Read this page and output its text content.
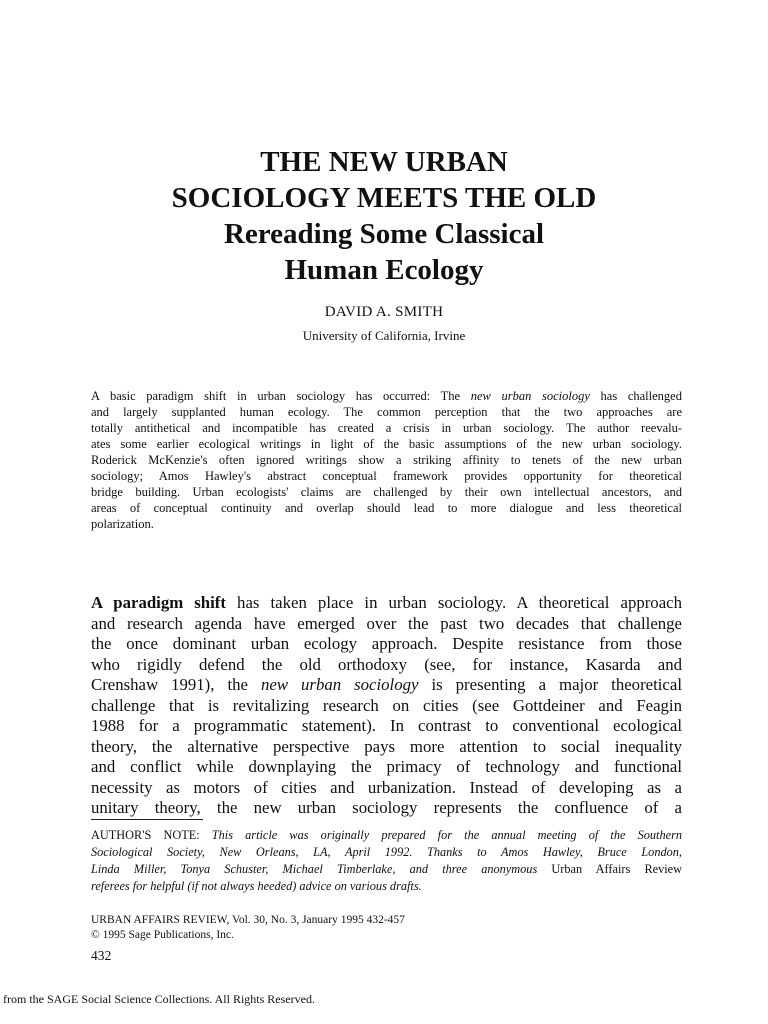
THE NEW URBAN
SOCIOLOGY MEETS THE OLD
Rereading Some Classical
Human Ecology
DAVID A. SMITH
University of California, Irvine
A basic paradigm shift in urban sociology has occurred: The new urban sociology has challenged
and largely supplanted human ecology. The common perception that the two approaches are
totally antithetical and incompatible has created a crisis in urban sociology. The author reevalu-
ates some earlier ecological writings in light of the basic assumptions of the new urban sociology.
Roderick McKenzie's often ignored writings show a striking affinity to tenets of the new urban
sociology; Amos Hawley's abstract conceptual framework provides opportunity for theoretical
bridge building. Urban ecologists' claims are challenged by their own intellectual ancestors, and
areas of conceptual continuity and overlap should lead to more dialogue and less theoretical
polarization.
A paradigm shift has taken place in urban sociology. A theoretical approach
and research agenda have emerged over the past two decades that challenge
the once dominant urban ecology approach. Despite resistance from those
who rigidly defend the old orthodoxy (see, for instance, Kasarda and
Crenshaw 1991), the new urban sociology is presenting a major theoretical
challenge that is revitalizing research on cities (see Gottdeiner and Feagin
1988 for a programmatic statement). In contrast to conventional ecological
theory, the alternative perspective pays more attention to social inequality
and conflict while downplaying the primacy of technology and functional
necessity as motors of cities and urbanization. Instead of developing as a
unitary theory, the new urban sociology represents the confluence of a
AUTHOR'S NOTE: This article was originally prepared for the annual meeting of the Southern
Sociological Society, New Orleans, LA, April 1992. Thanks to Amos Hawley, Bruce London,
Linda Miller, Tonya Schuster, Michael Timberlake, and three anonymous Urban Affairs Review
referees for helpful (if not always heeded) advice on various drafts.
URBAN AFFAIRS REVIEW, Vol. 30, No. 3, January 1995 432-457
© 1995 Sage Publications, Inc.
432
from the SAGE Social Science Collections. All Rights Reserved.
